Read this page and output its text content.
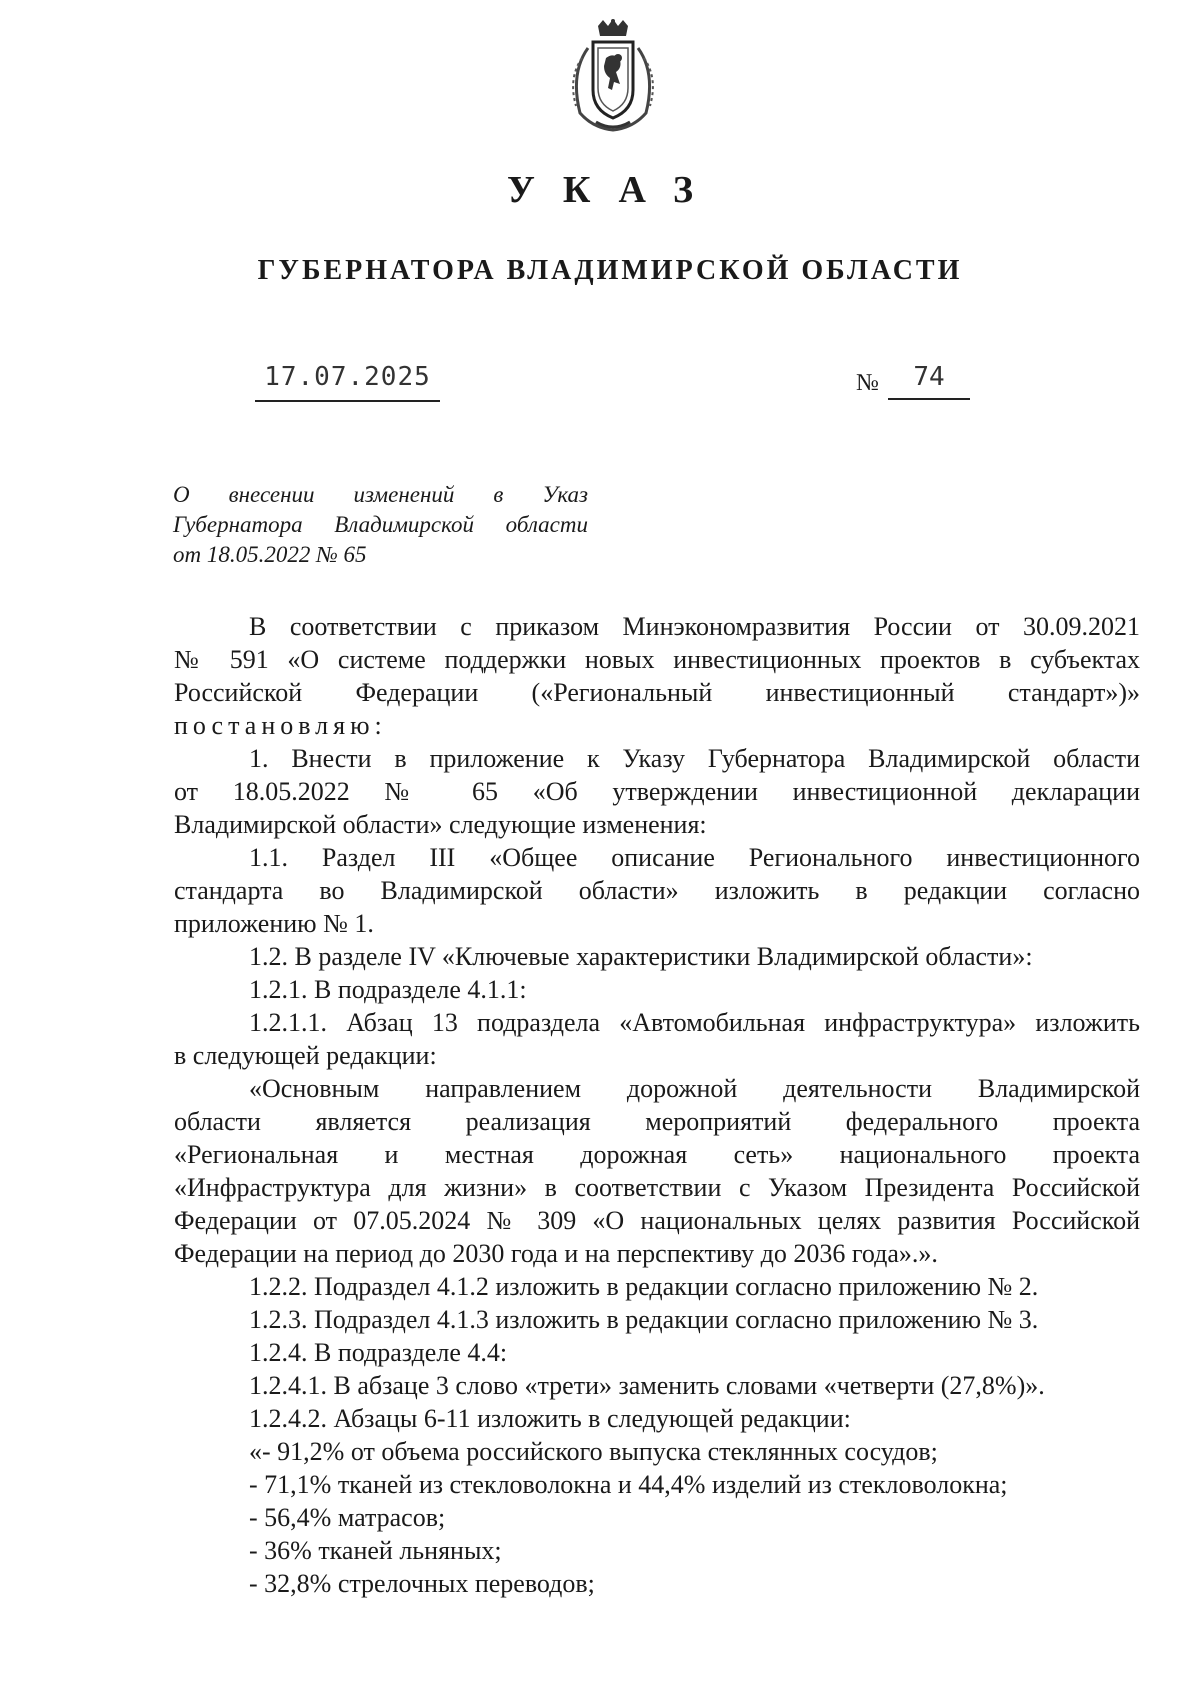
УКАЗ
ГУБЕРНАТОРА ВЛАДИМИРСКОЙ ОБЛАСТИ
17.07.2025	№	74
О внесении изменений в Указ
Губернатора Владимирской области
от 18.05.2022 № 65

В соответствии с приказом Минэкономразвития России от 30.09.2021

№ 591 «О системе поддержки новых инвестиционных проектов в субъектах

Российской Федерации («Региональный инвестиционный стандарт»)»

постановляю:

1. Внести в приложение к Указу Губернатора Владимирской области

от 18.05.2022 № 65 «Об утверждении инвестиционной декларации

Владимирской области» следующие изменения:

1.1. Раздел III «Общее описание Регионального инвестиционного

стандарта во Владимирской области» изложить в редакции согласно

приложению № 1.

1.2. В разделе IV «Ключевые характеристики Владимирской области»:

1.2.1. В подразделе 4.1.1:

1.2.1.1. Абзац 13 подраздела «Автомобильная инфраструктура» изложить

в следующей редакции:

«Основным направлением дорожной деятельности Владимирской

области является реализация мероприятий федерального проекта

«Региональная и местная дорожная сеть» национального проекта

«Инфраструктура для жизни» в соответствии с Указом Президента Российской

Федерации от 07.05.2024 № 309 «О национальных целях развития Российской

Федерации на период до 2030 года и на перспективу до 2036 года».».

1.2.2. Подраздел 4.1.2 изложить в редакции согласно приложению № 2.

1.2.3. Подраздел 4.1.3 изложить в редакции согласно приложению № 3.

1.2.4. В подразделе 4.4:

1.2.4.1. В абзаце 3 слово «трети» заменить словами «четверти (27,8%)».

1.2.4.2. Абзацы 6-11 изложить в следующей редакции:

«- 91,2% от объема российского выпуска стеклянных сосудов;

- 71,1% тканей из стекловолокна и 44,4% изделий из стекловолокна;

- 56,4% матрасов;

- 36% тканей льняных;

- 32,8% стрелочных переводов;
